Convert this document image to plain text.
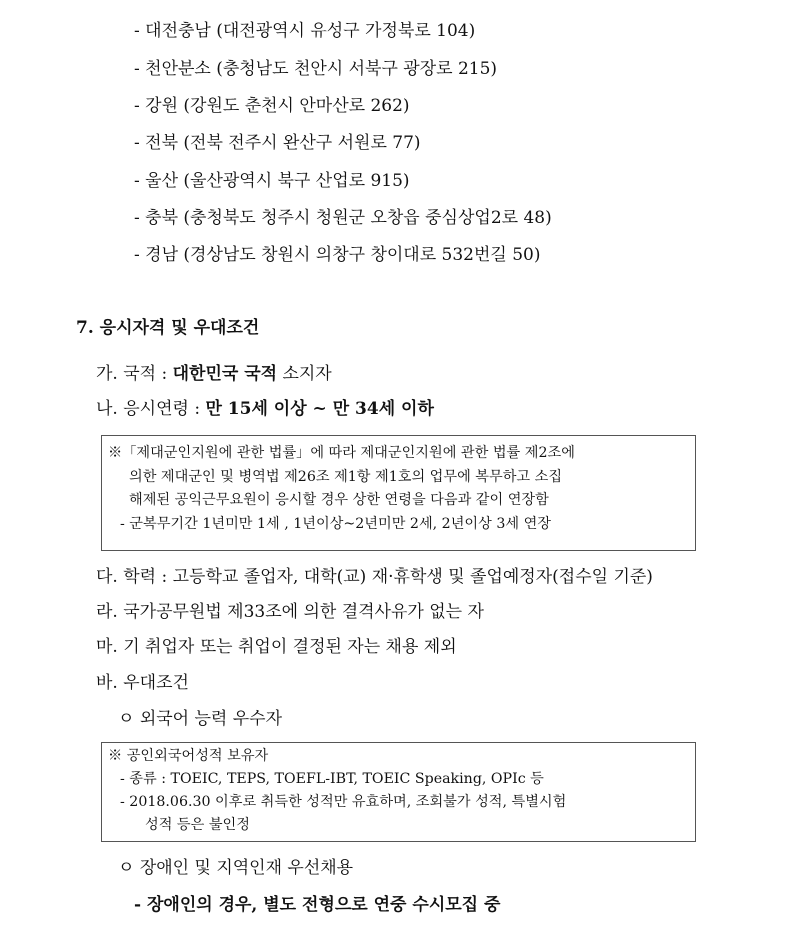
- 대전충남 (대전광역시 유성구 가정북로 104)
- 천안분소 (충청남도 천안시 서북구 광장로 215)
- 강원 (강원도 춘천시 안마산로 262)
- 전북 (전북 전주시 완산구 서원로 77)
- 울산 (울산광역시 북구 산업로 915)
- 충북 (충청북도 청주시 청원군 오창읍 중심상업2로 48)
- 경남 (경상남도 창원시 의창구 창이대로 532번길 50)
7. 응시자격 및 우대조건
가. 국적 : 대한민국 국적 소지자
나. 응시연령 : 만 15세 이상 ~ 만 34세 이하
※「제대군인지원에 관한 법률」에 따라 제대군인지원에 관한 법률 제2조에
의한 제대군인 및 병역법 제26조 제1항 제1호의 업무에 복무하고 소집
해제된 공익근무요원이 응시할 경우 상한 연령을 다음과 같이 연장함
- 군복무기간 1년미만 1세 , 1년이상~2년미만 2세, 2년이상 3세 연장
다. 학력 : 고등학교 졸업자, 대학(교) 재·휴학생 및 졸업예정자(접수일 기준)
라. 국가공무원법 제33조에 의한 결격사유가 없는 자
마. 기 취업자 또는 취업이 결정된 자는 채용 제외
바. 우대조건
ㅇ 외국어 능력 우수자
※ 공인외국어성적 보유자
- 종류 : TOEIC, TEPS, TOEFL-IBT, TOEIC Speaking, OPIc 등
- 2018.06.30 이후로 취득한 성적만 유효하며, 조회불가 성적, 특별시험
성적 등은 불인정
ㅇ 장애인 및 지역인재 우선채용
- 장애인의 경우, 별도 전형으로 연중 수시모집 중
